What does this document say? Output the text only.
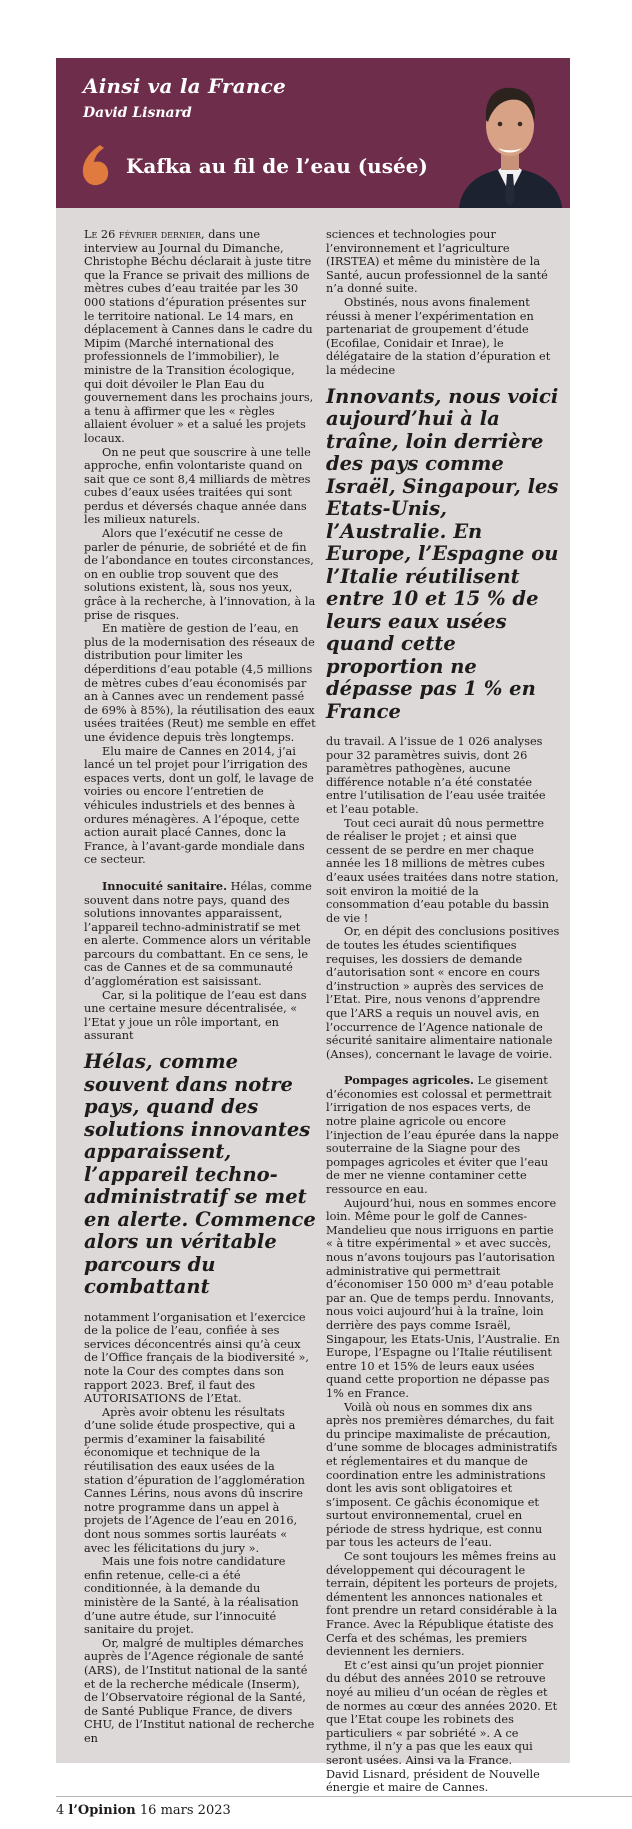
Ainsi va la France
David Lisnard
Kafka au fil de l’eau (usée)

Le 26 février dernier, dans une interview au Journal du Dimanche, Christophe Béchu déclarait à juste titre que la France se privait des millions de mètres cubes d’eau traitée par les 30 000 stations d’épuration présentes sur le territoire national. Le 14 mars, en déplacement à Cannes dans le cadre du Mipim (Marché international des professionnels de l’immobilier), le ministre de la Transition écologique, qui doit dévoiler le Plan Eau du gouvernement dans les prochains jours, a tenu à affirmer que les « règles allaient évoluer » et a salué les projets locaux.

On ne peut que souscrire à une telle approche, enfin volontariste quand on sait que ce sont 8,4 milliards de mètres cubes d’eaux usées traitées qui sont perdus et déversés chaque année dans les milieux naturels.

Alors que l’exécutif ne cesse de parler de pénurie, de sobriété et de fin de l’abondance en toutes circonstances, on en oublie trop souvent que des solutions existent, là, sous nos yeux, grâce à la recherche, à l’innovation, à la prise de risques.

En matière de gestion de l’eau, en plus de la modernisation des réseaux de distribution pour limiter les déperditions d’eau potable (4,5 millions de mètres cubes d’eau économisés par an à Cannes avec un rendement passé de 69% à 85%), la réutilisation des eaux usées traitées (Reut) me semble en effet une évidence depuis très longtemps.

Elu maire de Cannes en 2014, j’ai lancé un tel projet pour l’irrigation des espaces verts, dont un golf, le lavage de voiries ou encore l’entretien de véhicules industriels et des bennes à ordures ménagères. A l’époque, cette action aurait placé Cannes, donc la France, à l’avant-garde mondiale dans ce secteur.

Innocuité sanitaire. Hélas, comme souvent dans notre pays, quand des solutions innovantes apparaissent, l’appareil techno-administratif se met en alerte. Commence alors un véritable parcours du combattant. En ce sens, le cas de Cannes et de sa communauté d’agglomération est saisissant.

Car, si la politique de l’eau est dans une certaine mesure décentralisée, « l’Etat y joue un rôle important, en assurant

Hélas, comme souvent dans notre pays, quand des solutions innovantes apparaissent, l’appareil techno-administratif se met en alerte. Commence alors un véritable parcours du combattant

notamment l’organisation et l’exercice de la police de l’eau, confiée à ses services déconcentrés ainsi qu’à ceux de l’Office français de la biodiversité », note la Cour des comptes dans son rapport 2023. Bref, il faut des AUTORISATIONS de l’Etat.

Après avoir obtenu les résultats d’une solide étude prospective, qui a permis d’examiner la faisabilité économique et technique de la réutilisation des eaux usées de la station d’épuration de l’agglomération Cannes Lérins, nous avons dû inscrire notre programme dans un appel à projets de l’Agence de l’eau en 2016, dont nous sommes sortis lauréats « avec les félicitations du jury ».

Mais une fois notre candidature enfin retenue, celle-ci a été conditionnée, à la demande du ministère de la Santé, à la réalisation d’une autre étude, sur l’innocuité sanitaire du projet.

Or, malgré de multiples démarches auprès de l’Agence régionale de santé (ARS), de l’Institut national de la santé et de la recherche médicale (Inserm), de l’Observatoire régional de la Santé, de Santé Publique France, de divers CHU, de l’Institut national de recherche en

sciences et technologies pour l’environnement et l’agriculture (IRSTEA) et même du ministère de la Santé, aucun professionnel de la santé n’a donné suite.

Obstinés, nous avons finalement réussi à mener l’expérimentation en partenariat de groupement d’étude (Ecofilae, Conidair et Inrae), le délégataire de la station d’épuration et la médecine

Innovants, nous voici aujourd’hui à la traîne, loin derrière des pays comme Israël, Singapour, les Etats-Unis, l’Australie. En Europe, l’Espagne ou l’Italie réutilisent entre 10 et 15 % de leurs eaux usées quand cette proportion ne dépasse pas 1 % en France

du travail. A l’issue de 1 026 analyses pour 32 paramètres suivis, dont 26 paramètres pathogènes, aucune différence notable n’a été constatée entre l’utilisation de l’eau usée traitée et l’eau potable.

Tout ceci aurait dû nous permettre de réaliser le projet ; et ainsi que cessent de se perdre en mer chaque année les 18 millions de mètres cubes d’eaux usées traitées dans notre station, soit environ la moitié de la consommation d’eau potable du bassin de vie !

Or, en dépit des conclusions positives de toutes les études scientifiques requises, les dossiers de demande d’autorisation sont « encore en cours d’instruction » auprès des services de l’Etat. Pire, nous venons d’apprendre que l’ARS a requis un nouvel avis, en l’occurrence de l’Agence nationale de sécurité sanitaire alimentaire nationale (Anses), concernant le lavage de voirie.

Pompages agricoles. Le gisement d’économies est colossal et permettrait l’irrigation de nos espaces verts, de notre plaine agricole ou encore l’injection de l’eau épurée dans la nappe souterraine de la Siagne pour des pompages agricoles et éviter que l’eau de mer ne vienne contaminer cette ressource en eau.

Aujourd’hui, nous en sommes encore loin. Même pour le golf de Cannes-Mandelieu que nous irriguons en partie « à titre expérimental » et avec succès, nous n’avons toujours pas l’autorisation administrative qui permettrait d’économiser 150 000 m³ d’eau potable par an. Que de temps perdu. Innovants, nous voici aujourd’hui à la traîne, loin derrière des pays comme Israël, Singapour, les Etats-Unis, l’Australie. En Europe, l’Espagne ou l’Italie réutilisent entre 10 et 15% de leurs eaux usées quand cette proportion ne dépasse pas 1% en France.

Voilà où nous en sommes dix ans après nos premières démarches, du fait du principe maximaliste de précaution, d’une somme de blocages administratifs et réglementaires et du manque de coordination entre les administrations dont les avis sont obligatoires et s’imposent. Ce gâchis économique et surtout environnemental, cruel en période de stress hydrique, est connu par tous les acteurs de l’eau.

Ce sont toujours les mêmes freins au développement qui découragent le terrain, dépitent les porteurs de projets, démentent les annonces nationales et font prendre un retard considérable à la France. Avec la République étatiste des Cerfa et des schémas, les premiers deviennent les derniers.

Et c’est ainsi qu’un projet pionnier du début des années 2010 se retrouve noyé au milieu d’un océan de règles et de normes au cœur des années 2020. Et que l’Etat coupe les robinets des particuliers « par sobriété ». A ce rythme, il n’y a pas que les eaux qui seront usées. Ainsi va la France.

David Lisnard, président de Nouvelle énergie et maire de Cannes.

4 l’Opinion 16 mars 2023
